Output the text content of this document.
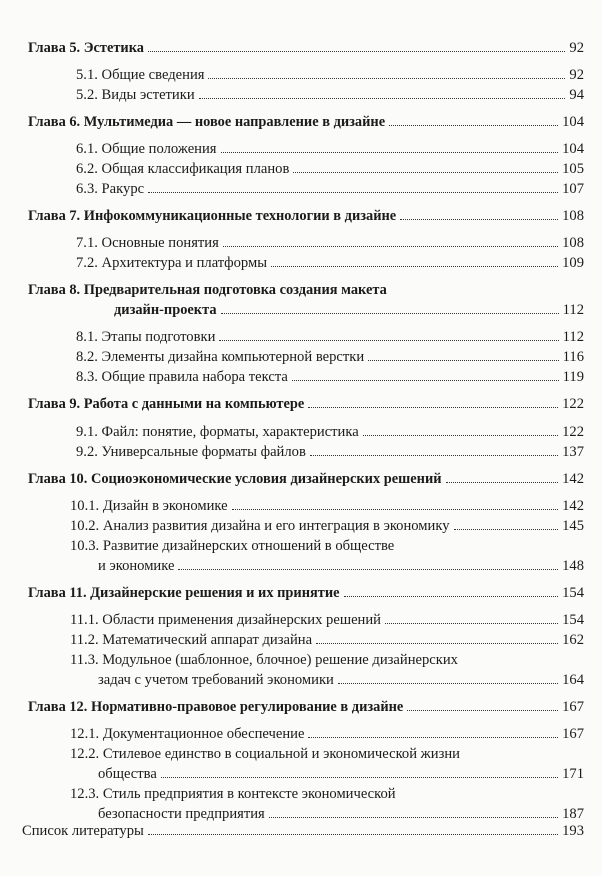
Глава 5. Эстетика	92
5.1. Общие сведения	92
5.2. Виды эстетики	94
Глава 6. Мультимедиа — новое направление в дизайне	104
6.1. Общие положения	104
6.2. Общая классификация планов	105
6.3. Ракурс	107
Глава 7. Инфокоммуникационные технологии в дизайне	108
7.1. Основные понятия	108
7.2. Архитектура и платформы	109
Глава 8. Предварительная подготовка создания макета
дизайн-проекта	112
8.1. Этапы подготовки	112
8.2. Элементы дизайна компьютерной верстки	116
8.3. Общие правила набора текста	119
Глава 9. Работа с данными на компьютере	122
9.1. Файл: понятие, форматы, характеристика	122
9.2. Универсальные форматы файлов	137
Глава 10. Социоэкономические условия дизайнерских решений	142
10.1. Дизайн в экономике	142
10.2. Анализ развития дизайна и его интеграция в экономику	145
10.3. Развитие дизайнерских отношений в обществе
и экономике	148
Глава 11. Дизайнерские решения и их принятие	154
11.1. Области применения дизайнерских решений	154
11.2. Математический аппарат дизайна	162
11.3. Модульное (шаблонное, блочное) решение дизайнерских
задач с учетом требований экономики	164
Глава 12. Нормативно-правовое регулирование в дизайне	167
12.1. Документационное обеспечение	167
12.2. Стилевое единство в социальной и экономической жизни
общества	171
12.3. Стиль предприятия в контексте экономической
безопасности предприятия	187
Список литературы	193
